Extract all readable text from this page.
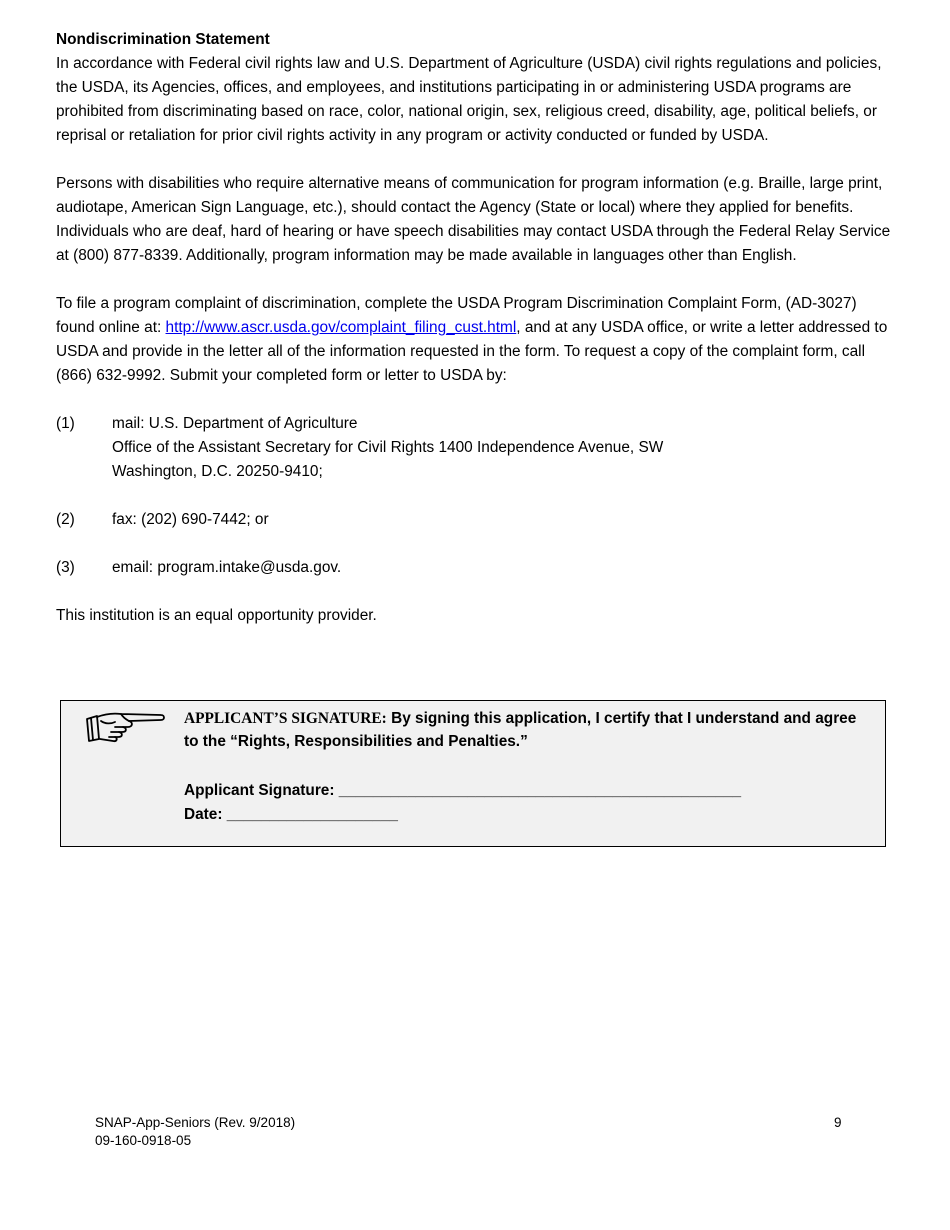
Nondiscrimination Statement

In accordance with Federal civil rights law and U.S. Department of Agriculture (USDA) civil rights regulations and policies, the USDA, its Agencies, offices, and employees, and institutions participating in or administering USDA programs are prohibited from discriminating based on race, color, national origin, sex, religious creed, disability, age, political beliefs, or reprisal or retaliation for prior civil rights activity in any program or activity conducted or funded by USDA.

Persons with disabilities who require alternative means of communication for program information (e.g. Braille, large print, audiotape, American Sign Language, etc.), should contact the Agency (State or local) where they applied for benefits. Individuals who are deaf, hard of hearing or have speech disabilities may contact USDA through the Federal Relay Service at (800) 877-8339. Additionally, program information may be made available in languages other than English.

To file a program complaint of discrimination, complete the USDA Program Discrimination Complaint Form, (AD-3027) found online at: http://www.ascr.usda.gov/complaint_filing_cust.html, and at any USDA office, or write a letter addressed to USDA and provide in the letter all of the information requested in the form. To request a copy of the complaint form, call (866) 632-9992. Submit your completed form or letter to USDA by:

(1)	mail: U.S. Department of Agriculture
Office of the Assistant Secretary for Civil Rights 1400 Independence Avenue, SW
Washington, D.C. 20250-9410;
(2)	fax: (202) 690-7442; or
(3)	email: program.intake@usda.gov.

This institution is an equal opportunity provider.

APPLICANT’S SIGNATURE: By signing this application, I certify that I understand and agree to the “Rights, Responsibilities and Penalties.”
Applicant Signature: _______________________________________________
Date: ____________________
SNAP-App-Seniors (Rev. 9/2018)
09-160-0918-05
9
